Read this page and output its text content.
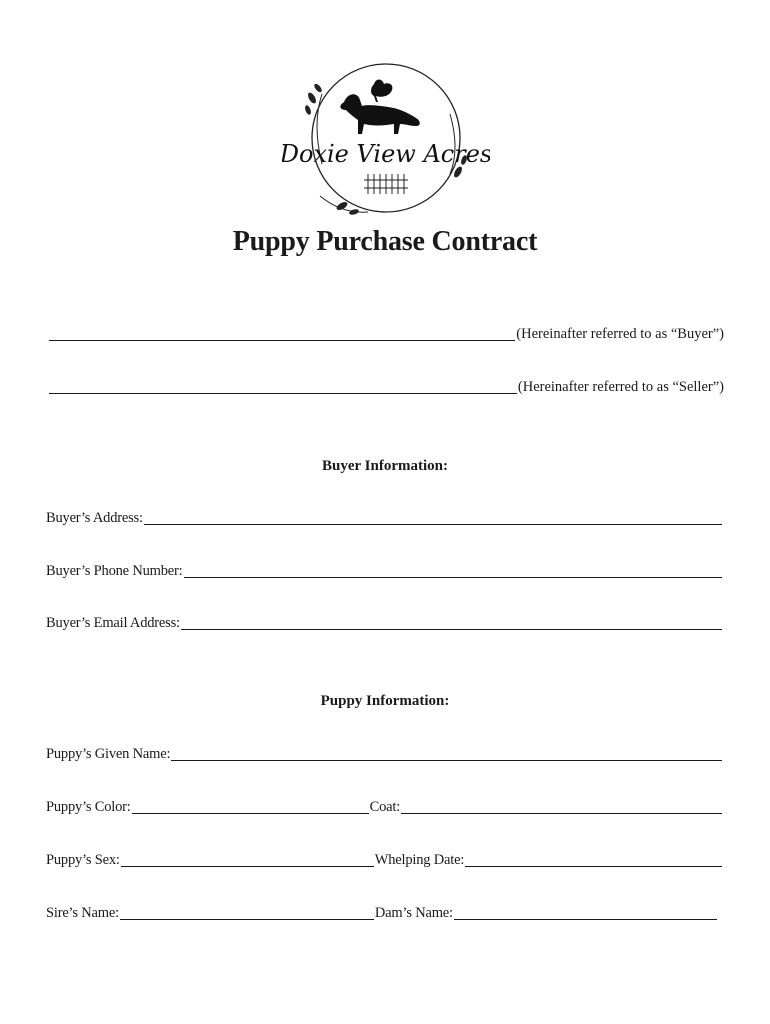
Doxie View Acres
Puppy Purchase Contract
(Hereinafter referred to as “Buyer”)
(Hereinafter referred to as “Seller”)
Buyer Information:
Buyer’s Address:
Buyer’s Phone Number:
Buyer’s Email Address:
Puppy Information:
Puppy’s Given Name:
Puppy’s Color:	Coat:
Puppy’s Sex:	Whelping Date:
Sire’s Name:	Dam’s Name:
